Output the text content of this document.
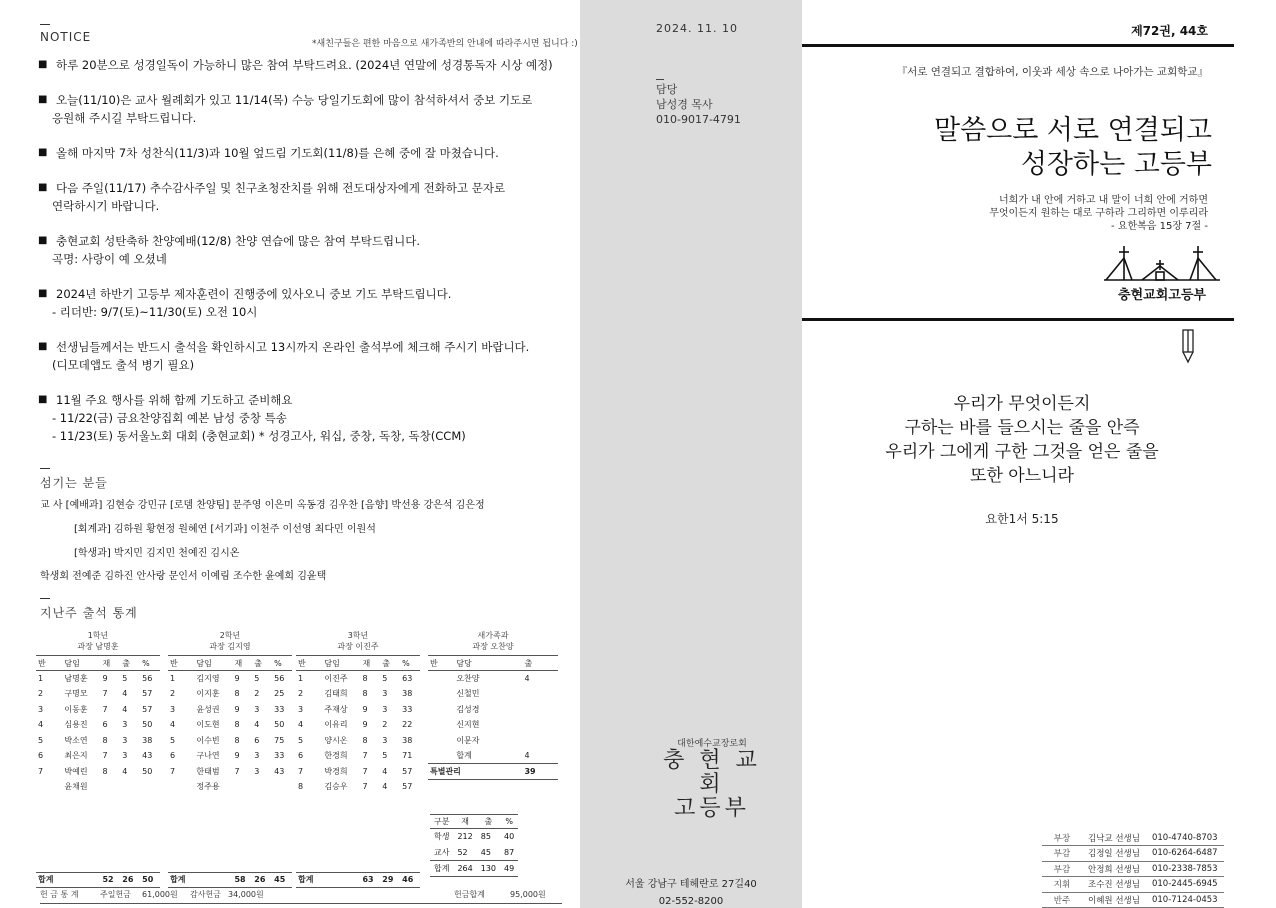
NOTICE	*새친구들은 편한 마음으로 새가족반의 안내에 따라주시면 됩니다 :)
■ 하루 20분으로 성경일독이 가능하니 많은 참여 부탁드려요. (2024년 연말에 성경통독자 시상 예정)
■ 오늘(11/10)은 교사 월례회가 있고 11/14(목) 수능 당일기도회에 많이 참석하셔서 중보 기도로
응원해 주시길 부탁드립니다.
■ 올해 마지막 7차 성찬식(11/3)과 10월 엎드림 기도회(11/8)를 은혜 중에 잘 마쳤습니다.
■ 다음 주일(11/17) 추수감사주일 및 친구초청잔치를 위해 전도대상자에게 전화하고 문자로
연락하시기 바랍니다.
■ 충현교회 성탄축하 찬양예배(12/8) 찬양 연습에 많은 참여 부탁드립니다.
곡명: 사랑이 예 오셨네
■ 2024년 하반기 고등부 제자훈련이 진행중에 있사오니 중보 기도 부탁드립니다.
- 리더반: 9/7(토)~11/30(토) 오전 10시
■ 선생님들께서는 반드시 출석을 확인하시고 13시까지 온라인 출석부에 체크해 주시기 바랍니다.
(디모데앱도 출석 병기 필요)
■ 11월 주요 행사를 위해 함께 기도하고 준비해요
- 11/22(금) 금요찬양집회 예본 남성 중창 특송
- 11/23(토) 동서울노회 대회 (충현교회) * 성경고사, 워십, 중창, 독창, 독창(CCM)
섬기는 분들
교 사 [예배과] 김현승 강민규 [로뎀 찬양팀] 문주영 이은미 옥동경 김우찬 [음향] 박선용 강은석 김은정
[회계과] 김하원 황현정 원혜연 [서기과] 이천주 이선영 최다민 이원석
[학생과] 박지민 김지민 천예진 김시온
학생회 전예준 김하진 안사랑 문인서 이예림 조수한 윤예희 김윤택
지난주 출석 통계
1학년
과장 남명훈
반	담임	재	출	%
1	남명훈	9	5	56
2	구명모	7	4	57
3	이동훈	7	4	57
4	심용진	6	3	50
5	박소연	8	3	38
6	최은지	7	3	43
7	박예린	8	4	50
	윤채원			

합계		52	26	50
2학년
과장 김지영
반	담임	재	출	%
1	김지영	9	5	56
2	이지훈	8	2	25
3	윤성권	9	3	33
4	이도현	8	4	50
5	이수빈	8	6	75
6	구나연	9	3	33
7	한태범	7	3	43
	정주용			

합계		58	26	45
3학년
과장 이진주
반	담임	재	출	%
1	이진주	8	5	63
2	김태희	8	3	38
3	주재상	9	3	33
4	이유리	9	2	22
5	양시온	8	3	38
6	한경희	7	5	71
7	박경희	7	4	57
8	김승우	7	4	57

합계		63	29	46
새가족과
과장 오찬양
반	담당	출
	오찬양	4
	신철민	
	김성경	
	신지현	
	이문자	
	합계	4
특별관리		39
구분	재	출	%
학생	212	85	40
교사	52	45	87
합계	264	130	49
헌 금 통 계	주일헌금 61,000원 감사헌금 34,000원	헌금합계	95,000원
2024. 11. 10
담당
남성경 목사
010-9017-4791
대한예수교장로회
충 현 교 회
고등부
서울 강남구 테헤란로 27길40
02-552-8200
제72권, 44호
『서로 연결되고 결합하여, 이웃과 세상 속으로 나아가는 교회학교』
말씀으로 서로 연결되고
성장하는 고등부
너희가 내 안에 거하고 내 말이 너희 안에 거하면
무엇이든지 원하는 대로 구하라 그리하면 이루리라
- 요한복음 15장 7절 -
충현교회고등부
우리가 무엇이든지
구하는 바를 들으시는 줄을 안즉
우리가 그에게 구한 그것을 얻은 줄을
또한 아느니라
요한1서 5:15
부장	김낙교 선생님	010-4740-8703
부감	김정일 선생님	010-6264-6487
부감	안정희 선생님	010-2338-7853
지휘	조수진 선생님	010-2445-6945
반주	이혜원 선생님	010-7124-0453
